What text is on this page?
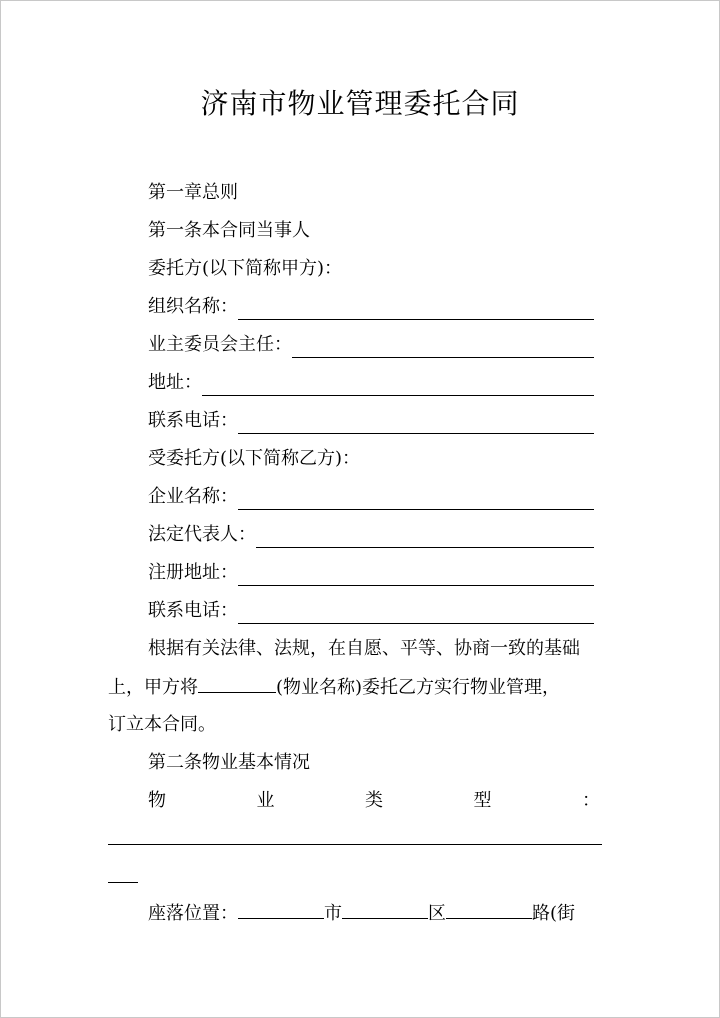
济南市物业管理委托合同
第一章总则
第一条本合同当事人
委托方(以下简称甲方)：
组织名称：
业主委员会主任：
地址：
联系电话：
受委托方(以下简称乙方)：
企业名称：
法定代表人：
注册地址：
联系电话：
根据有关法律、法规，在自愿、平等、协商一致的基础
上，甲方将	(物业名称)委托乙方实行物业管理，
订立本合同。
第二条物业基本情况
物	业	类	型	：
座落位置：	市	区	路(街
